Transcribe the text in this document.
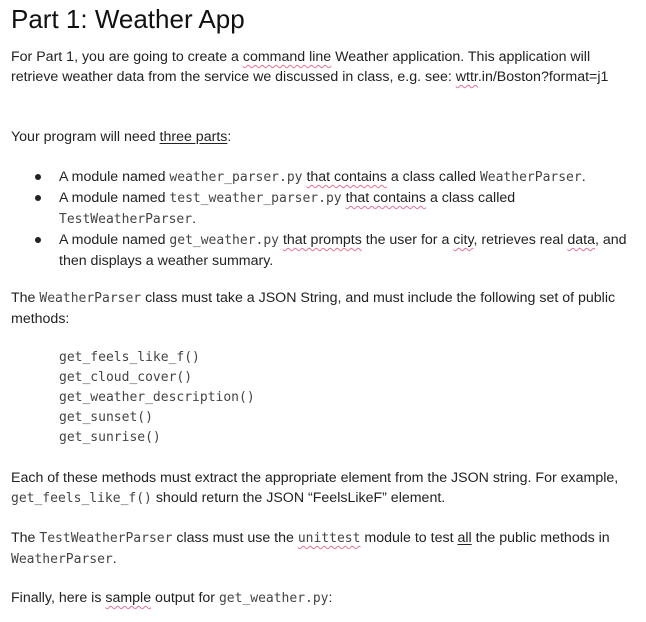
Part 1: Weather App

For Part 1, you are going to create a command line Weather application. This application will retrieve weather data from the service we discussed in class, e.g. see: wttr.in/Boston?format=j1

Your program will need three parts:

A module named weather_parser.py that contains a class called WeatherParser.
A module named test_weather_parser.py that contains a class called TestWeatherParser.
A module named get_weather.py that prompts the user for a city, retrieves real data, and then displays a weather summary.

The WeatherParser class must take a JSON String, and must include the following set of public methods:

get_feels_like_f()
get_cloud_cover()
get_weather_description()
get_sunset()
get_sunrise()

Each of these methods must extract the appropriate element from the JSON string. For example, get_feels_like_f() should return the JSON “FeelsLikeF” element.

The TestWeatherParser class must use the unittest module to test all the public methods in WeatherParser.

Finally, here is sample output for get_weather.py:
